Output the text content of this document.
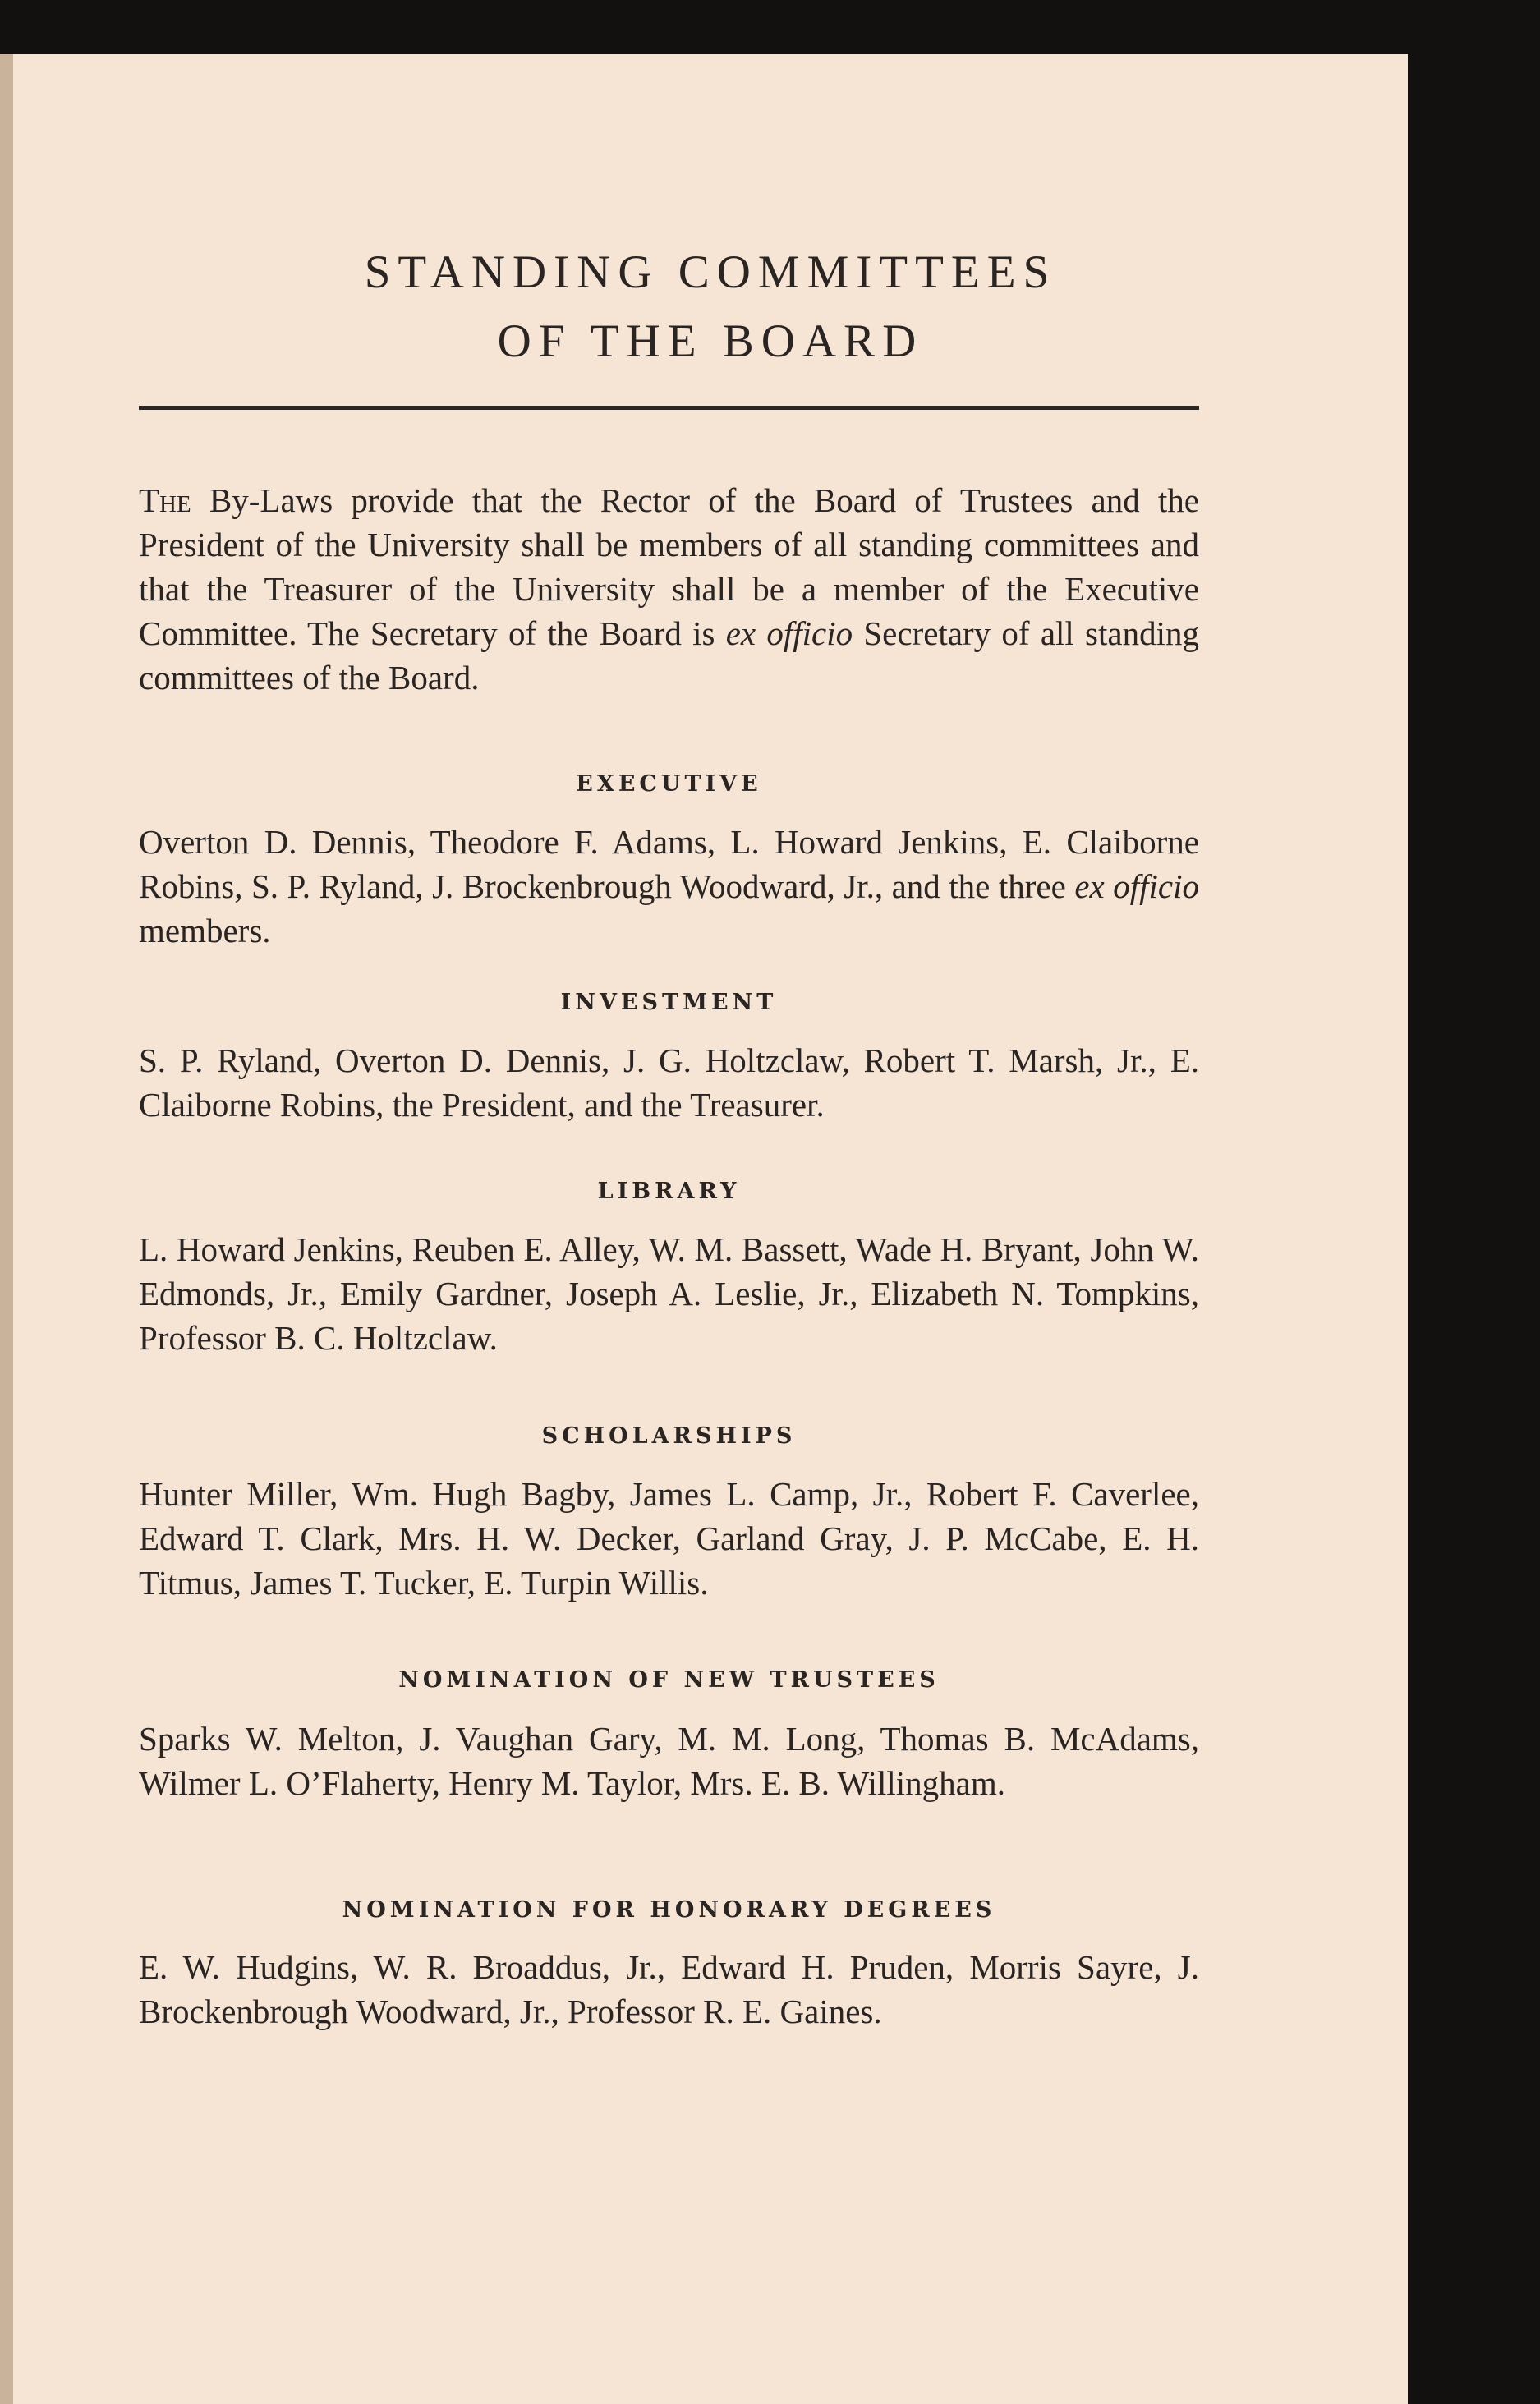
STANDING COMMITTEES
OF THE BOARD

The By-Laws provide that the Rector of the Board of Trustees and the President of the University shall be members of all standing committees and that the Treasurer of the University shall be a member of the Executive Committee. The Secretary of the Board is ex officio Secretary of all standing committees of the Board.

EXECUTIVE

Overton D. Dennis, Theodore F. Adams, L. Howard Jenkins, E. Claiborne Robins, S. P. Ryland, J. Brockenbrough Woodward, Jr., and the three ex officio members.

INVESTMENT

S. P. Ryland, Overton D. Dennis, J. G. Holtzclaw, Robert T. Marsh, Jr., E. Claiborne Robins, the President, and the Treasurer.

LIBRARY

L. Howard Jenkins, Reuben E. Alley, W. M. Bassett, Wade H. Bryant, John W. Edmonds, Jr., Emily Gardner, Joseph A. Leslie, Jr., Elizabeth N. Tompkins, Professor B. C. Holtzclaw.

SCHOLARSHIPS

Hunter Miller, Wm. Hugh Bagby, James L. Camp, Jr., Robert F. Caverlee, Edward T. Clark, Mrs. H. W. Decker, Garland Gray, J. P. McCabe, E. H. Titmus, James T. Tucker, E. Turpin Willis.

NOMINATION OF NEW TRUSTEES

Sparks W. Melton, J. Vaughan Gary, M. M. Long, Thomas B. McAdams, Wilmer L. O’Flaherty, Henry M. Taylor, Mrs. E. B. Willingham.

NOMINATION FOR HONORARY DEGREES

E. W. Hudgins, W. R. Broaddus, Jr., Edward H. Pruden, Morris Sayre, J. Brockenbrough Woodward, Jr., Professor R. E. Gaines.
